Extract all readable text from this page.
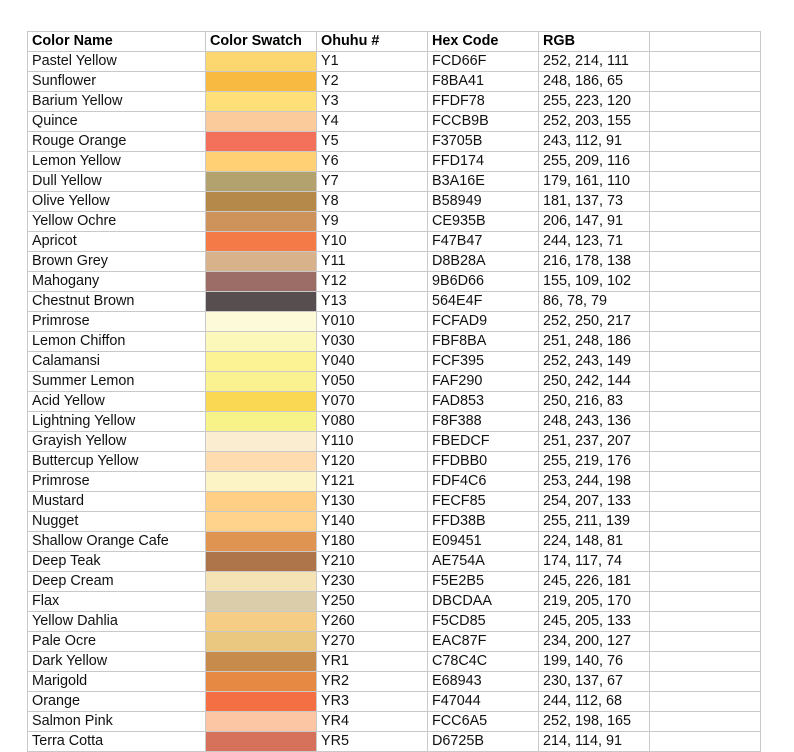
Color Name	Color Swatch	Ohuhu #	Hex Code	RGB	
Pastel Yellow		Y1	FCD66F	252, 214, 111	
Sunflower		Y2	F8BA41	248, 186, 65	
Barium Yellow		Y3	FFDF78	255, 223, 120	
Quince		Y4	FCCB9B	252, 203, 155	
Rouge Orange		Y5	F3705B	243, 112, 91	
Lemon Yellow		Y6	FFD174	255, 209, 116	
Dull Yellow		Y7	B3A16E	179, 161, 110	
Olive Yellow		Y8	B58949	181, 137, 73	
Yellow Ochre		Y9	CE935B	206, 147, 91	
Apricot		Y10	F47B47	244, 123, 71	
Brown Grey		Y11	D8B28A	216, 178, 138	
Mahogany		Y12	9B6D66	155, 109, 102	
Chestnut Brown		Y13	564E4F	86, 78, 79	
Primrose		Y010	FCFAD9	252, 250, 217	
Lemon Chiffon		Y030	FBF8BA	251, 248, 186	
Calamansi		Y040	FCF395	252, 243, 149	
Summer Lemon		Y050	FAF290	250, 242, 144	
Acid Yellow		Y070	FAD853	250, 216, 83	
Lightning Yellow		Y080	F8F388	248, 243, 136	
Grayish Yellow		Y110	FBEDCF	251, 237, 207	
Buttercup Yellow		Y120	FFDBB0	255, 219, 176	
Primrose		Y121	FDF4C6	253, 244, 198	
Mustard		Y130	FECF85	254, 207, 133	
Nugget		Y140	FFD38B	255, 211, 139	
Shallow Orange Cafe		Y180	E09451	224, 148, 81	
Deep Teak		Y210	AE754A	174, 117, 74	
Deep Cream		Y230	F5E2B5	245, 226, 181	
Flax		Y250	DBCDAA	219, 205, 170	
Yellow Dahlia		Y260	F5CD85	245, 205, 133	
Pale Ocre		Y270	EAC87F	234, 200, 127	
Dark Yellow		YR1	C78C4C	199, 140, 76	
Marigold		YR2	E68943	230, 137, 67	
Orange		YR3	F47044	244, 112, 68	
Salmon Pink		YR4	FCC6A5	252, 198, 165	
Terra Cotta		YR5	D6725B	214, 114, 91	
